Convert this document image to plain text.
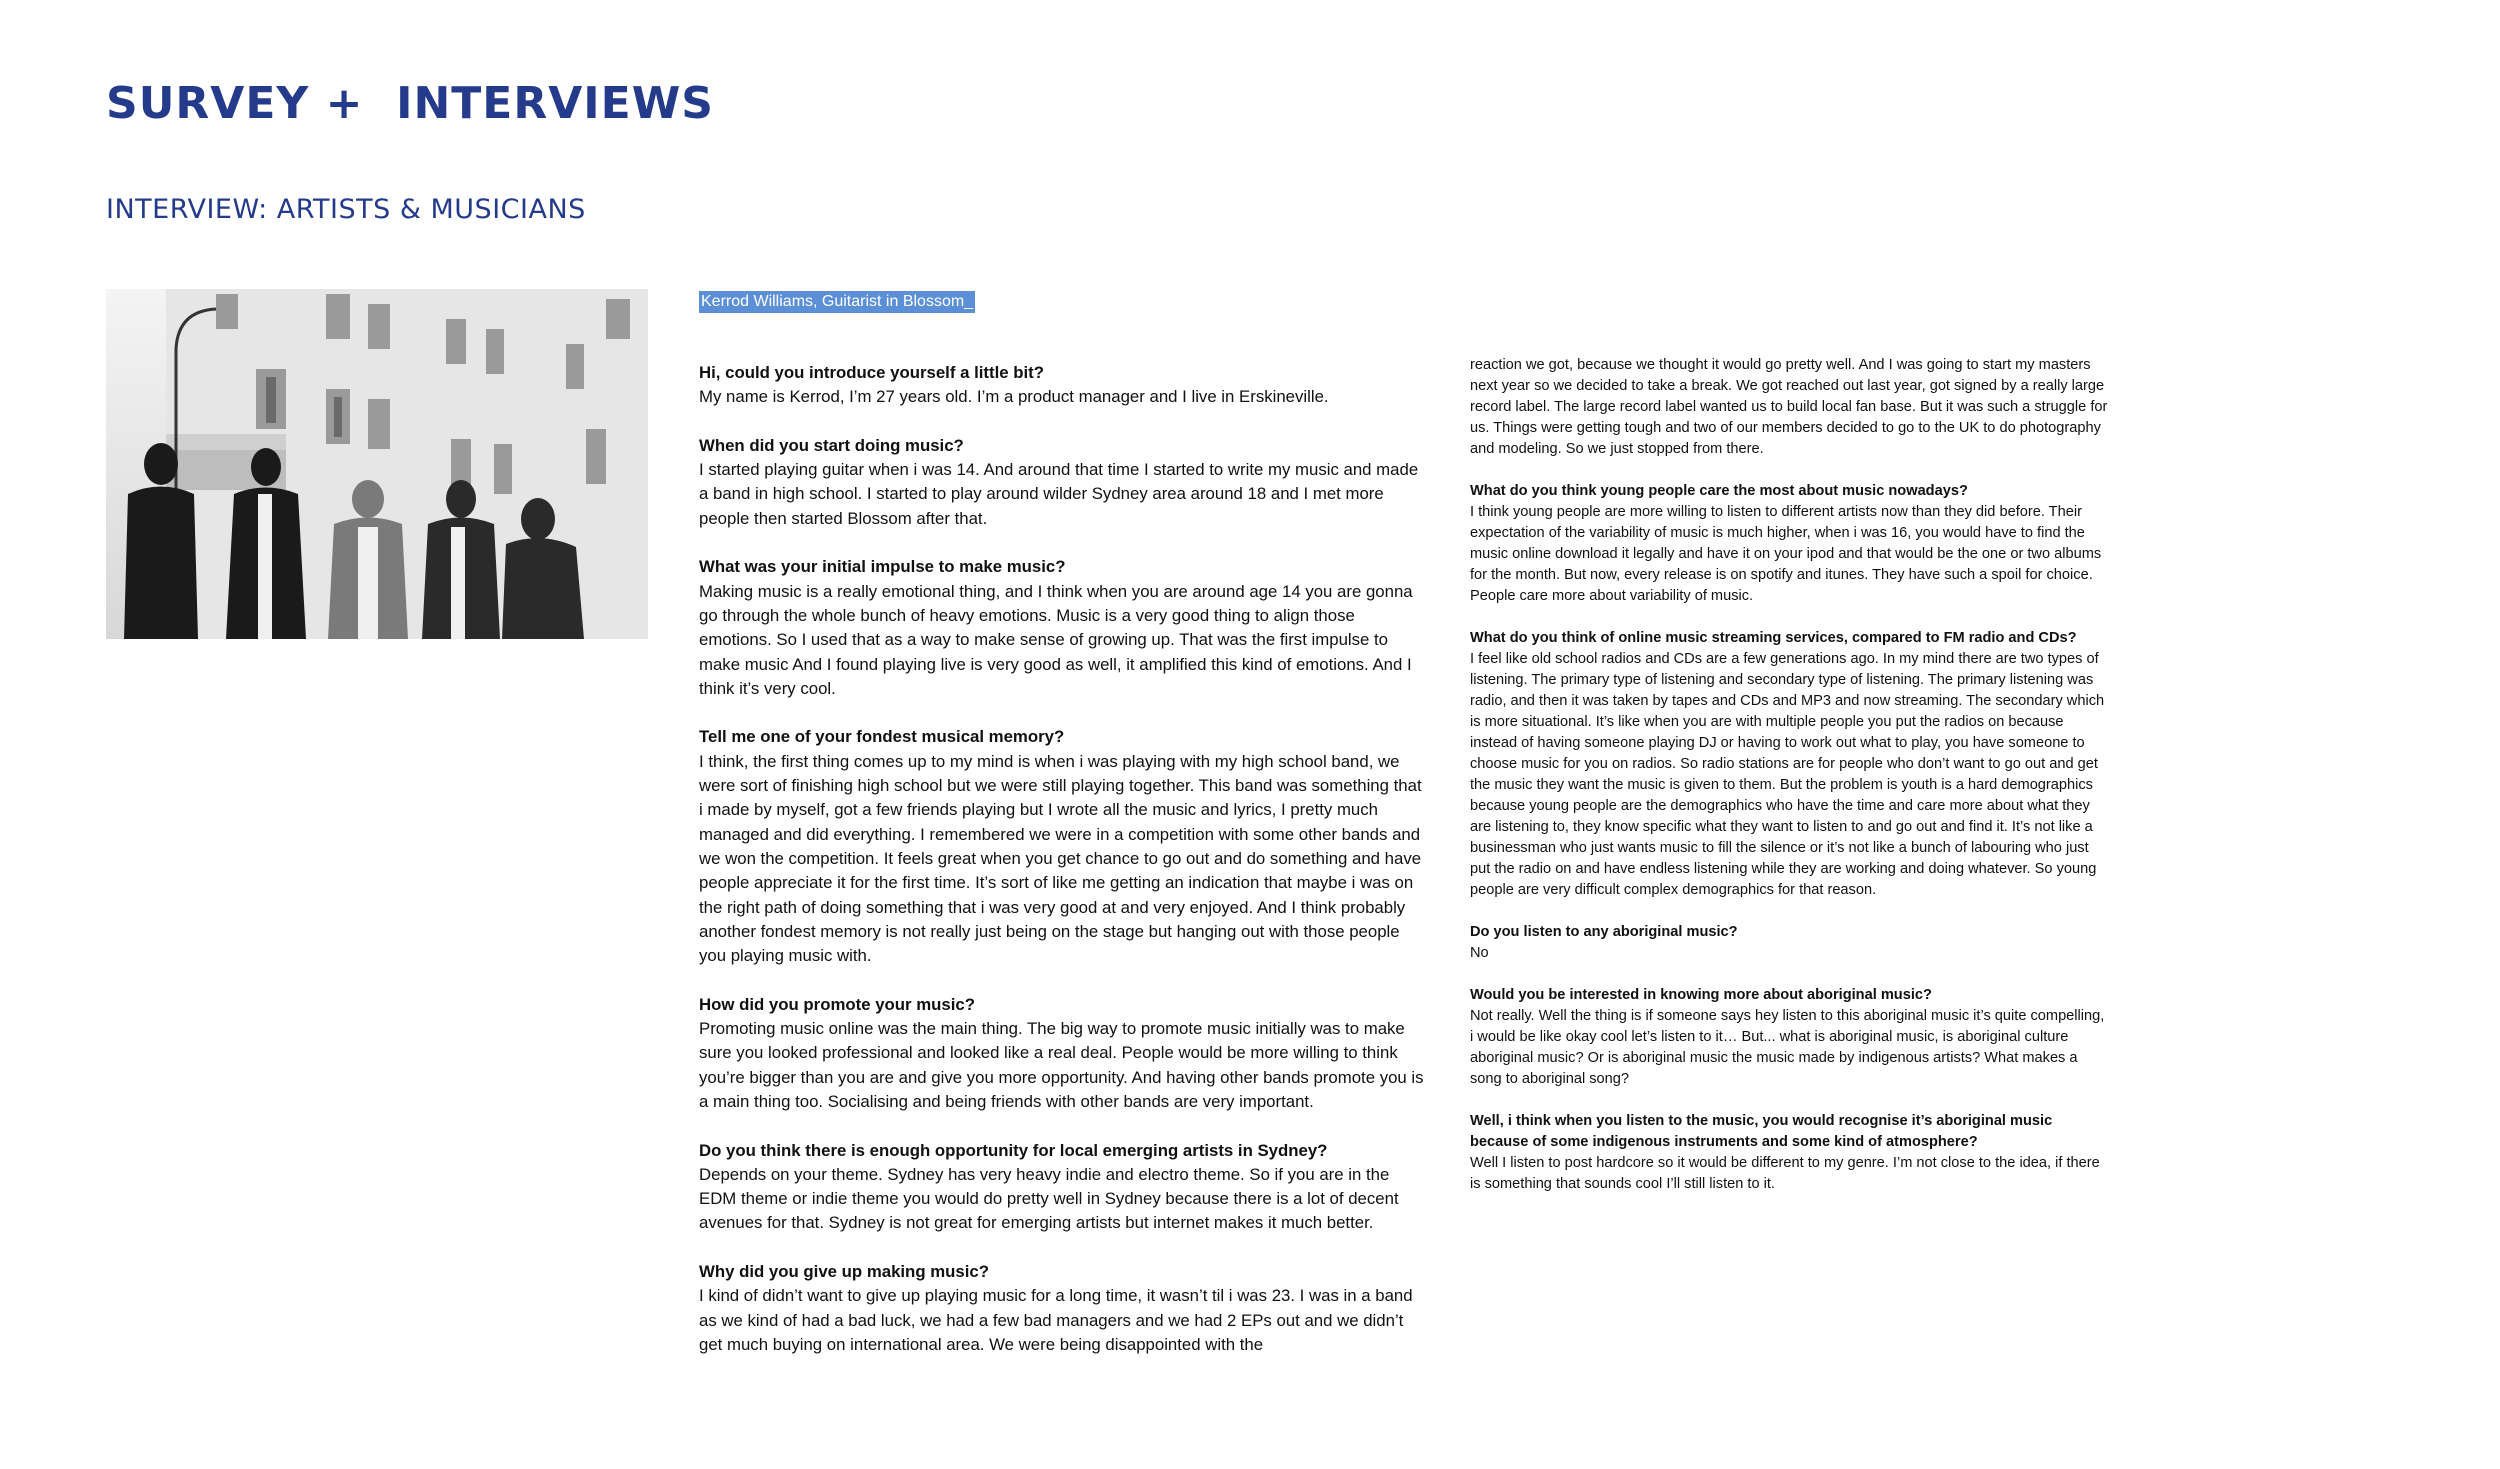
SURVEY +  INTERVIEWS
INTERVIEW: ARTISTS & MUSICIANS
Kerrod Williams, Guitarist in Blossom_

Hi, could you introduce yourself a little bit?
My name is Kerrod, I’m 27 years old. I’m a product manager and I live in Erskineville.

When did you start doing music?
I started playing guitar when i was 14. And around that time I started to write my music and made a band in high school. I started to play around wilder Sydney area around 18 and I met more people then started Blossom after that.

What was your initial impulse to make music?
Making music is a really emotional thing, and I think when you are around age 14 you are gonna go through the whole bunch of heavy emotions. Music is a very good thing to align those emotions. So I used that as a way to make sense of growing up. That was the first impulse to make music And I found playing live is very good as well, it amplified this kind of emotions. And I think it’s very cool.

Tell me one of your fondest musical memory?
I think, the first thing comes up to my mind is when i was playing with my high school band, we were sort of finishing high school but we were still playing together. This band was something that i made by myself, got a few friends playing but I wrote all the music and lyrics, I pretty much managed and did everything. I remembered we were in a competition with some other bands and we won the competition. It feels great when you get chance to go out and do something and have people appreciate it for the first time. It’s sort of like me getting an indication that maybe i was on the right path of doing something that i was very good at and very enjoyed. And I think probably another fondest memory is not really just being on the stage but hanging out with those people you playing music with.

How did you promote your music?
Promoting music online was the main thing. The big way to promote music initially was to make sure you looked professional and looked like a real deal. People would be more willing to think you’re bigger than you are and give you more opportunity. And having other bands promote you is a main thing too. Socialising and being friends with other bands are very important.

Do you think there is enough opportunity for local emerging artists in Sydney?
Depends on your theme. Sydney has very heavy indie and electro theme. So if you are in the EDM theme or indie theme you would do pretty well in Sydney because there is a lot of decent avenues for that. Sydney is not great for emerging artists but internet makes it much better.

Why did you give up making music?
I kind of didn’t want to give up playing music for a long time, it wasn’t til i was 23. I was in a band as we kind of had a bad luck, we had a few bad managers and we had 2 EPs out and we didn’t get much buying on international area. We were being disappointed with the

reaction we got, because we thought it would go pretty well. And I was going to start my masters next year so we decided to take a break. We got reached out last year, got signed by a really large record label. The large record label wanted us to build local fan base. But it was such a struggle for us. Things were getting tough and two of our members decided to go to the UK to do photography and modeling. So we just stopped from there.

What do you think young people care the most about music nowadays?
I think young people are more willing to listen to different artists now than they did before. Their expectation of the variability of music is much higher, when i was 16, you would have to find the music online download it legally and have it on your ipod and that would be the one or two albums for the month. But now, every release is on spotify and itunes. They have such a spoil for choice. People care more about variability of music.

What do you think of online music streaming services, compared to FM radio and CDs?
I feel like old school radios and CDs are a few generations ago. In my mind there are two types of listening. The primary type of listening and secondary type of listening. The primary listening was radio, and then it was taken by tapes and CDs and MP3 and now streaming. The secondary which is more situational. It’s like when you are with multiple people you put the radios on because instead of having someone playing DJ or having to work out what to play, you have someone to choose music for you on radios. So radio stations are for people who don’t want to go out and get the music they want the music is given to them. But the problem is youth is a hard demographics because young people are the demographics who have the time and care more about what they are listening to, they know specific what they want to listen to and go out and find it. It’s not like a businessman who just wants music to fill the silence or it’s not like a bunch of labouring who just put the radio on and have endless listening while they are working and doing whatever. So young people are very difficult complex demographics for that reason.

Do you listen to any aboriginal music?
No

Would you be interested in knowing more about aboriginal music?
Not really. Well the thing is if someone says hey listen to this aboriginal music it’s quite compelling, i would be like okay cool let’s listen to it… But... what is aboriginal music, is aboriginal culture aboriginal music? Or is aboriginal music the music made by indigenous artists? What makes a song to aboriginal song?

Well, i think when you listen to the music, you would recognise it’s aboriginal music because of some indigenous instruments and some kind of atmosphere?
Well I listen to post hardcore so it would be different to my genre. I’m not close to the idea, if there is something that sounds cool I’ll still listen to it.
